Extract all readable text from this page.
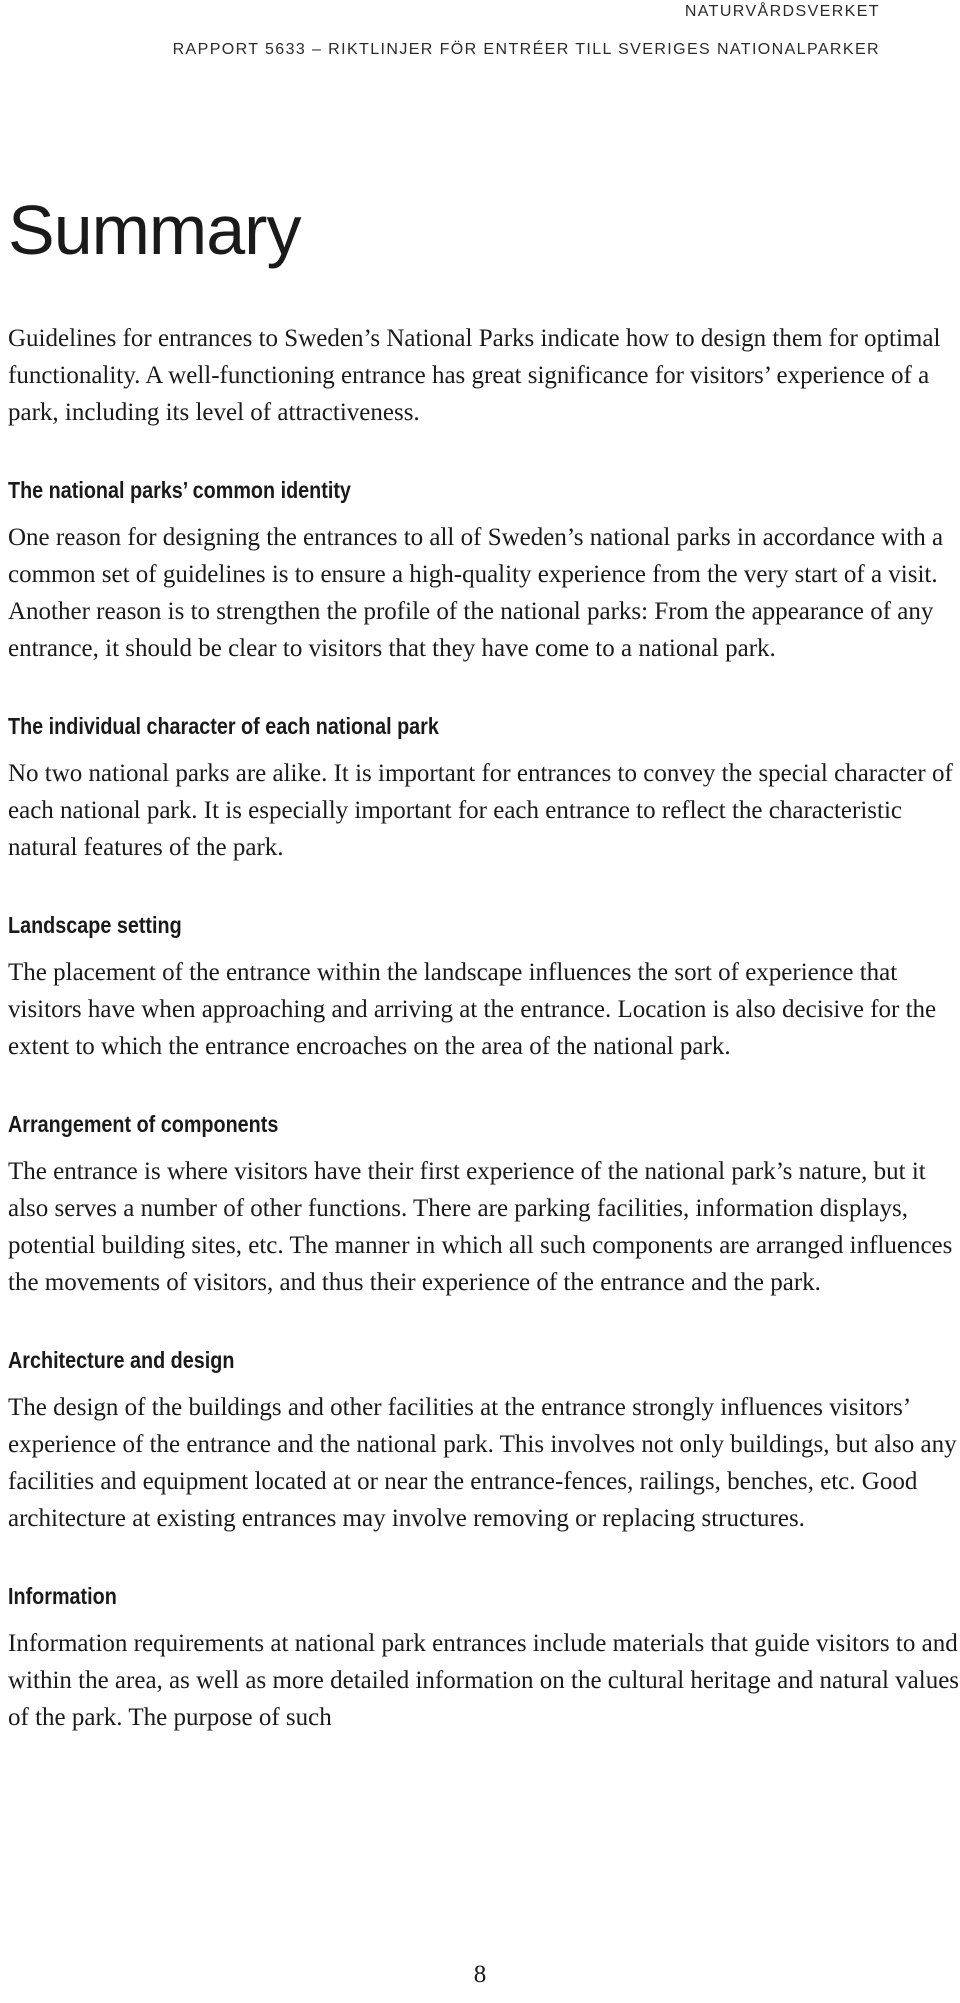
NATURVÅRDSVERKET
RAPPORT 5633 – RIKTLINJER FÖR ENTRÉER TILL SVERIGES NATIONALPARKER
Summary

Guidelines for entrances to Sweden’s National Parks indicate how to design them for optimal functionality. A well-functioning entrance has great significance for visitors’ experience of a park, including its level of attractiveness.

The national parks’ common identity

One reason for designing the entrances to all of Sweden’s national parks in accordance with a common set of guidelines is to ensure a high-quality experience from the very start of a visit. Another reason is to strengthen the profile of the national parks: From the appearance of any entrance, it should be clear to visitors that they have come to a national park.

The individual character of each national park

No two national parks are alike. It is important for entrances to convey the special character of each national park. It is especially important for each entrance to reflect the characteristic natural features of the park.

Landscape setting

The placement of the entrance within the landscape influences the sort of experience that visitors have when approaching and arriving at the entrance. Location is also decisive for the extent to which the entrance encroaches on the area of the national park.

Arrangement of components

The entrance is where visitors have their first experience of the national park’s nature, but it also serves a number of other functions. There are parking facilities, information displays, potential building sites, etc. The manner in which all such components are arranged influences the movements of visitors, and thus their experience of the entrance and the park.

Architecture and design

The design of the buildings and other facilities at the entrance strongly influences visitors’ experience of the entrance and the national park. This involves not only buildings, but also any facilities and equipment located at or near the entrance-fences, railings, benches, etc. Good architecture at existing entrances may involve removing or replacing structures.

Information

Information requirements at national park entrances include materials that guide visitors to and within the area, as well as more detailed information on the cultural heritage and natural values of the park. The purpose of such

8
